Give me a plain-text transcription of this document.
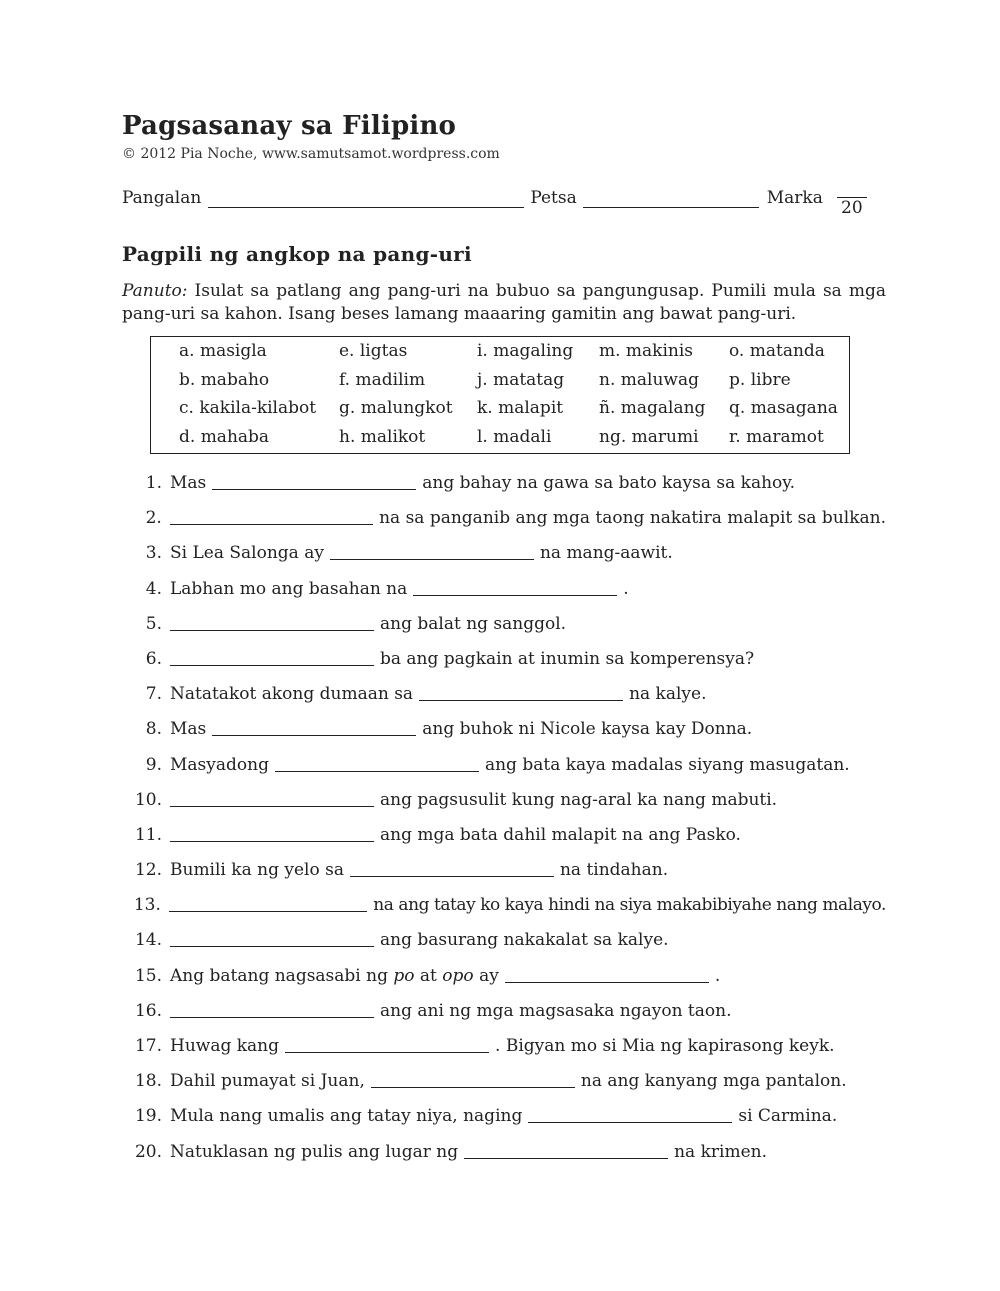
Pagsasanay sa Filipino
© 2012 Pia Noche, www.samutsamot.wordpress.com
Pangalan	Petsa	Marka 20
Pagpili ng angkop na pang-uri
Panuto: Isulat sa patlang ang pang-uri na bubuo sa pangungusap. Pumili mula sa mga pang-uri sa kahon. Isang beses lamang maaaring gamitin ang bawat pang-uri.
a. masigla	e. ligtas	i. magaling	m. makinis	o. matanda
b. mabaho	f. madilim	j. matatag	n. maluwag	p. libre
c. kakila-kilabot	g. malungkot	k. malapit	ñ. magalang	q. masagana
d. mahaba	h. malikot	l. madali	ng. marumi	r. maramot
1. Mas	ang bahay na gawa sa bato kaysa sa kahoy.
2.	na sa panganib ang mga taong nakatira malapit sa bulkan.
3. Si Lea Salonga ay	na mang-aawit.
4. Labhan mo ang basahan na	.
5.	ang balat ng sanggol.
6.	ba ang pagkain at inumin sa komperensya?
7. Natatakot akong dumaan sa	na kalye.
8. Mas	ang buhok ni Nicole kaysa kay Donna.
9. Masyadong	ang bata kaya madalas siyang masugatan.
10.	ang pagsusulit kung nag-aral ka nang mabuti.
11.	ang mga bata dahil malapit na ang Pasko.
12. Bumili ka ng yelo sa	na tindahan.
13.	na ang tatay ko kaya hindi na siya makabibiyahe nang malayo.
14.	ang basurang nakakalat sa kalye.
15. Ang batang nagsasabi ng
po
at
opo
ay	.
16.	ang ani ng mga magsasaka ngayon taon.
17. Huwag kang	. Bigyan mo si Mia ng kapirasong keyk.
18. Dahil pumayat si Juan,	na ang kanyang mga pantalon.
19. Mula nang umalis ang tatay niya, naging	si Carmina.
20. Natuklasan ng pulis ang lugar ng	na krimen.
